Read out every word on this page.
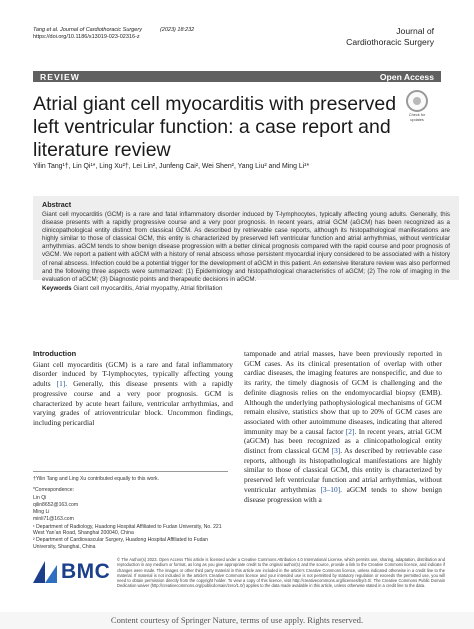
Tang et al. Journal of Cardiothoracic Surgery	(2023) 18:232
https://doi.org/10.1186/s13019-023-02316-z
Journal of
Cardiothoracic Surgery
REVIEW	Open Access
Atrial giant cell myocarditis with preserved left ventricular function: a case report and literature review
Check for updates
Yilin Tang¹†, Lin Qi¹*, Ling Xu²†, Lei Lin², Junfeng Cai², Wei Shen², Yang Liu² and Ming Li¹*
Abstract
Giant cell myocarditis (GCM) is a rare and fatal inflammatory disorder induced by T-lymphocytes, typically affecting young adults. Generally, this disease presents with a rapidly progressive course and a very poor prognosis. In recent years, atrial GCM (aGCM) has been recognized as a clinicopathological entity distinct from classical GCM. As described by retrievable case reports, although its histopathological manifestations are highly similar to those of classical GCM, this entity is characterized by preserved left ventricular function and atrial arrhythmias, without ventricular arrhythmias. aGCM tends to show benign disease progression with a better clinical prognosis compared with the rapid course and poor prognosis of vGCM. We report a patient with aGCM with a history of renal abscess whose persistent myocardial injury considered to be associated with a history of renal abscess. Infection could be a potential trigger for the development of aGCM in this patient. An extensive literature review was also performed and the following three aspects were summarized: (1) Epidemiology and histopathological characteristics of aGCM; (2) The role of imaging in the evaluation of aGCM; (3) Diagnostic points and therapeutic decisions in aGCM.
Keywords Giant cell myocarditis, Atrial myopathy, Atrial fibrillation
Introduction
Giant cell myocarditis (GCM) is a rare and fatal inflammatory disorder induced by T-lymphocytes, typically affecting young adults [1]. Generally, this disease presents with a rapidly progressive course and a very poor prognosis. GCM is characterized by acute heart failure, ventricular arrhythmias, and varying grades of atrioventricular block. Uncommon findings, including pericardial
†Yilin Tang and Ling Xu contributed equally to this work.
*Correspondence:
Lin Qi
qilin8652@163.com
Ming Li
minli71@163.com
¹ Department of Radiology, Huadong Hospital Affiliated to Fudan University, No. 221 West Yan’an Road, Shanghai 200040, China
² Department of Cardiovascular Surgery, Huadong Hospital Affiliated to Fudan University, Shanghai, China
tamponade and atrial masses, have been previously reported in GCM cases. As its clinical presentation of overlap with other cardiac diseases, the imaging features are nonspecific, and due to its rarity, the timely diagnosis of GCM is challenging and the definite diagnosis relies on the endomyocardial biopsy (EMB). Although the underlying pathophysiological mechanisms of GCM remain elusive, statistics show that up to 20% of GCM cases are associated with other autoimmune diseases, indicating that altered immunity may be a causal factor [2]. In recent years, atrial GCM (aGCM) has been recognized as a clinicopathological entity distinct from classical GCM [3]. As described by retrievable case reports, although its histopathological manifestations are highly similar to those of classical GCM, this entity is characterized by preserved left ventricular function and atrial arrhythmias, without ventricular arrhythmias [3–10]. aGCM tends to show benign disease progression with a
BMC
© The Author(s) 2023. Open Access This article is licensed under a Creative Commons Attribution 4.0 International License, which permits use, sharing, adaptation, distribution and reproduction in any medium or format, as long as you give appropriate credit to the original author(s) and the source, provide a link to the Creative Commons licence, and indicate if changes were made. The images or other third party material in this article are included in the article's Creative Commons licence, unless indicated otherwise in a credit line to the material. If material is not included in the article's Creative Commons licence and your intended use is not permitted by statutory regulation or exceeds the permitted use, you will need to obtain permission directly from the copyright holder. To view a copy of this licence, visit http://creativecommons.org/licenses/by/4.0/. The Creative Commons Public Domain Dedication waiver (http://creativecommons.org/publicdomain/zero/1.0/) applies to the data made available in this article, unless otherwise stated in a credit line to the data.
Content courtesy of Springer Nature, terms of use apply. Rights reserved.
